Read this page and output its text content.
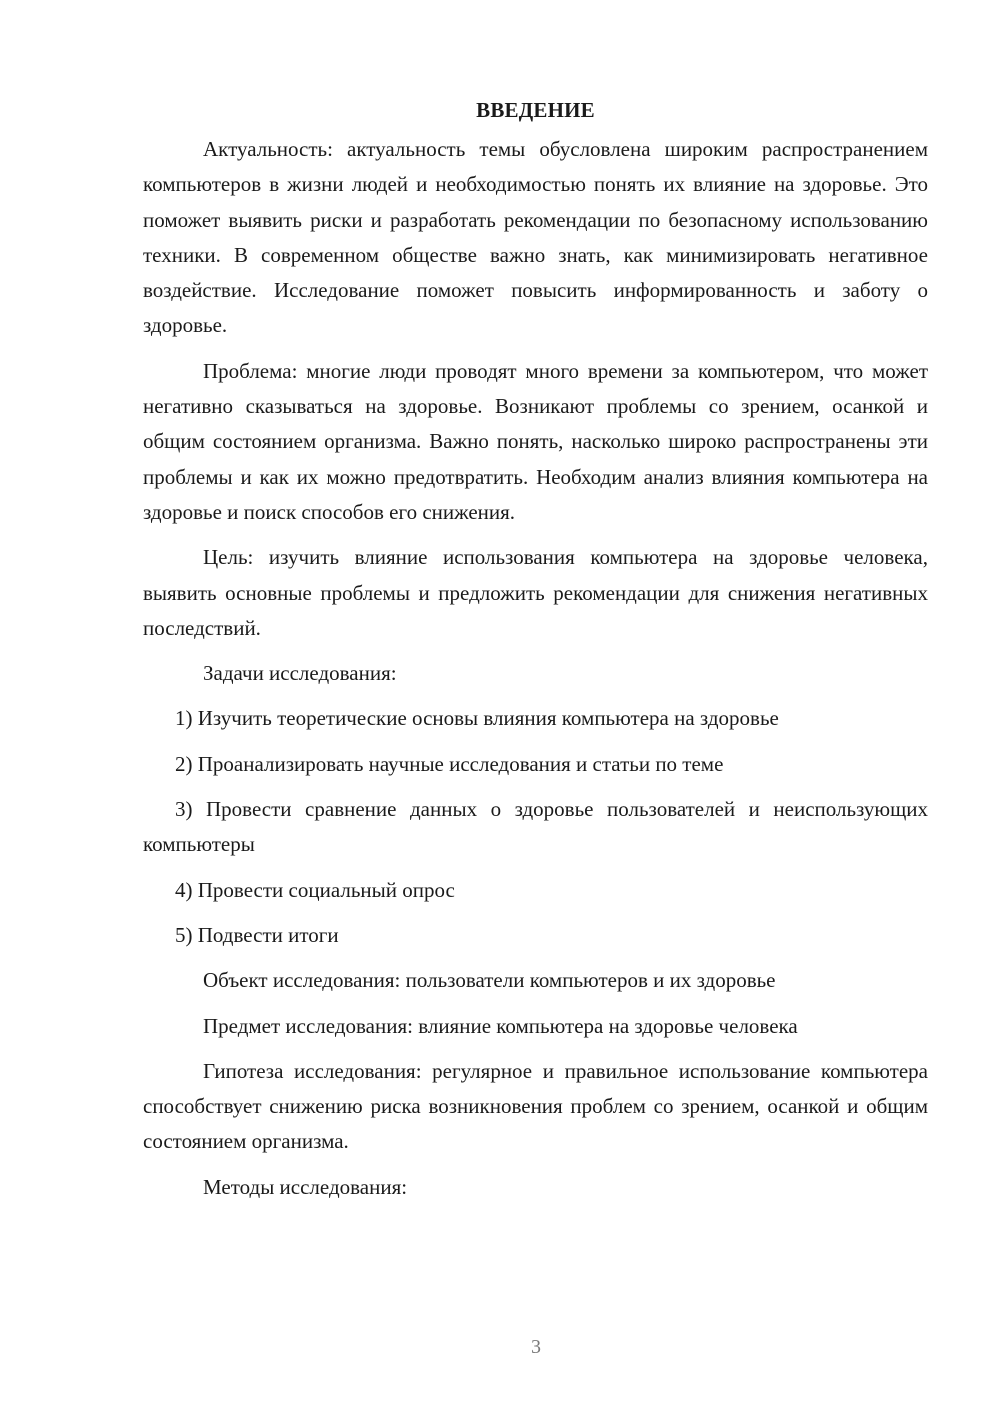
ВВЕДЕНИЕ

Актуальность: актуальность темы обусловлена широким распространением компьютеров в жизни людей и необходимостью понять их влияние на здоровье. Это поможет выявить риски и разработать рекомендации по безопасному использованию техники. В современном обществе важно знать, как минимизировать негативное воздействие. Исследование поможет повысить информированность и заботу о здоровье.

Проблема: многие люди проводят много времени за компьютером, что может негативно сказываться на здоровье. Возникают проблемы со зрением, осанкой и общим состоянием организма. Важно понять, насколько широко распространены эти проблемы и как их можно предотвратить. Необходим анализ влияния компьютера на здоровье и поиск способов его снижения.

Цель: изучить влияние использования компьютера на здоровье человека, выявить основные проблемы и предложить рекомендации для снижения негативных последствий.

Задачи исследования:

1) Изучить теоретические основы влияния компьютера на здоровье

2) Проанализировать научные исследования и статьи по теме

3) Провести сравнение данных о здоровье пользователей и неиспользующих компьютеры

4) Провести социальный опрос

5) Подвести итоги

Объект исследования: пользователи компьютеров и их здоровье

Предмет исследования: влияние компьютера на здоровье человека

Гипотеза исследования: регулярное и правильное использование компьютера способствует снижению риска возникновения проблем со зрением, осанкой и общим состоянием организма.

Методы исследования:

3
